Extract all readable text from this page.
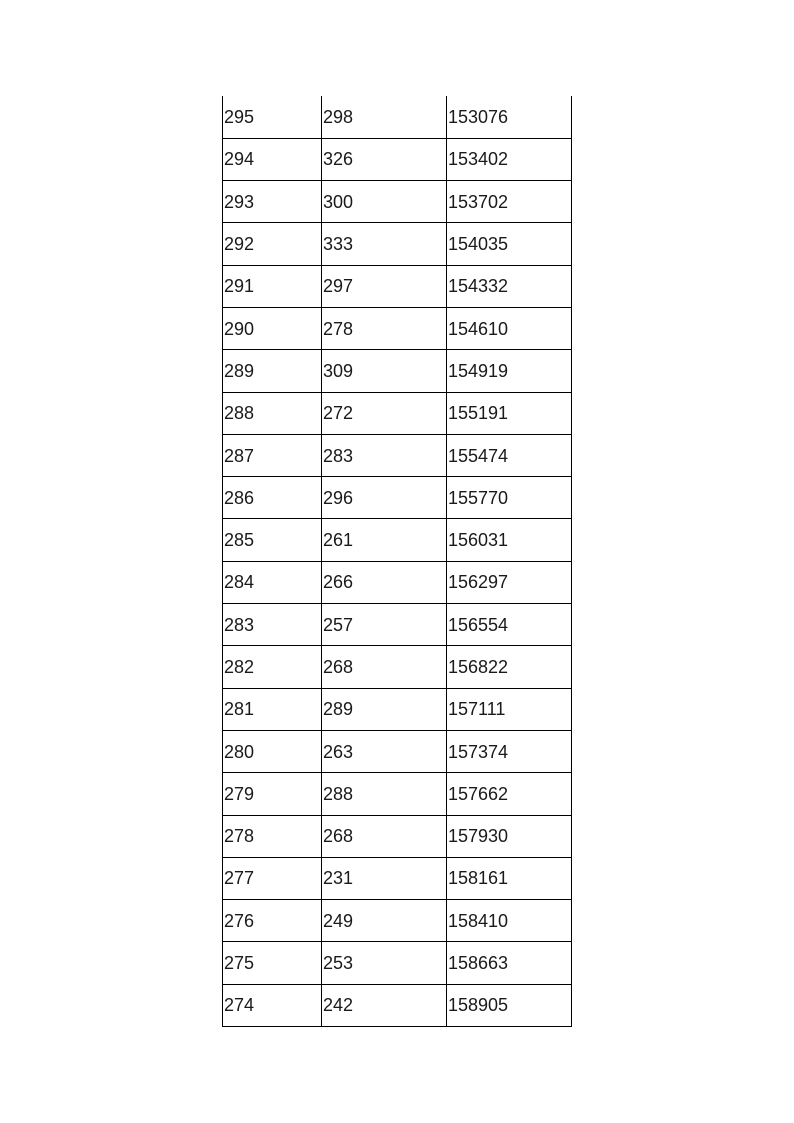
295	298	153076
294	326	153402
293	300	153702
292	333	154035
291	297	154332
290	278	154610
289	309	154919
288	272	155191
287	283	155474
286	296	155770
285	261	156031
284	266	156297
283	257	156554
282	268	156822
281	289	157111
280	263	157374
279	288	157662
278	268	157930
277	231	158161
276	249	158410
275	253	158663
274	242	158905
